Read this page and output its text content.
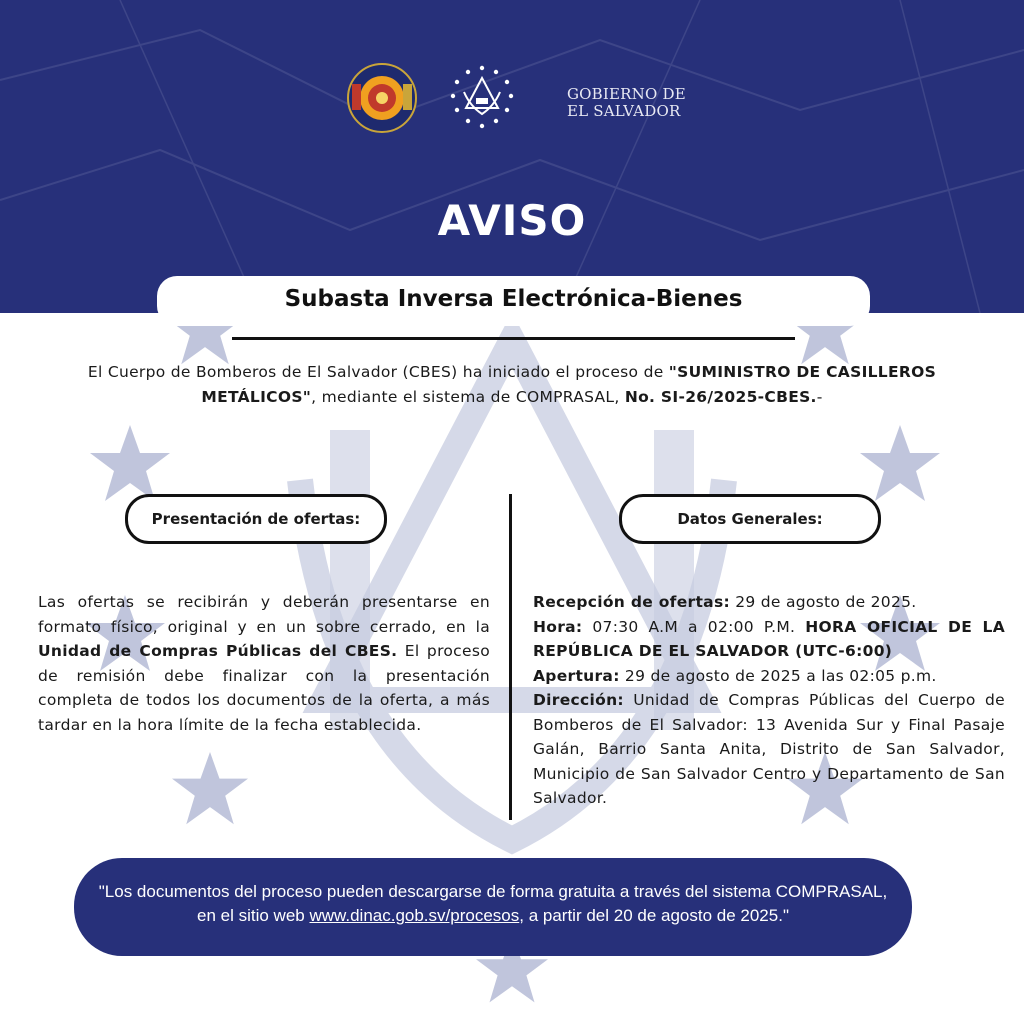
GOBIERNO DE
EL SALVADOR
AVISO
Subasta Inversa Electrónica-Bienes
El Cuerpo de Bomberos de El Salvador (CBES) ha iniciado el proceso de "SUMINISTRO DE CASILLEROS METÁLICOS", mediante el sistema de COMPRASAL, No. SI-26/2025-CBES.-
Presentación de ofertas:	Datos Generales:
Las ofertas se recibirán y deberán presentarse en formato físico, original y en un sobre cerrado, en la Unidad de Compras Públicas del CBES. El proceso de remisión debe finalizar con la presentación completa de todos los documentos de la oferta, a más tardar en la hora límite de la fecha establecida.

Recepción de ofertas: 29 de agosto de 2025.

Hora: 07:30 A.M a 02:00 P.M. HORA OFICIAL DE LA REPÚBLICA DE EL SALVADOR (UTC-6:00)

Apertura: 29 de agosto de 2025 a las 02:05 p.m.

Dirección: Unidad de Compras Públicas del Cuerpo de Bomberos de El Salvador: 13 Avenida Sur y Final Pasaje Galán, Barrio Santa Anita, Distrito de San Salvador, Municipio de San Salvador Centro y Departamento de San Salvador.

"Los documentos del proceso pueden descargarse de forma gratuita a través del sistema COMPRASAL, en el sitio web www.dinac.gob.sv/procesos, a partir del 20 de agosto de 2025."
